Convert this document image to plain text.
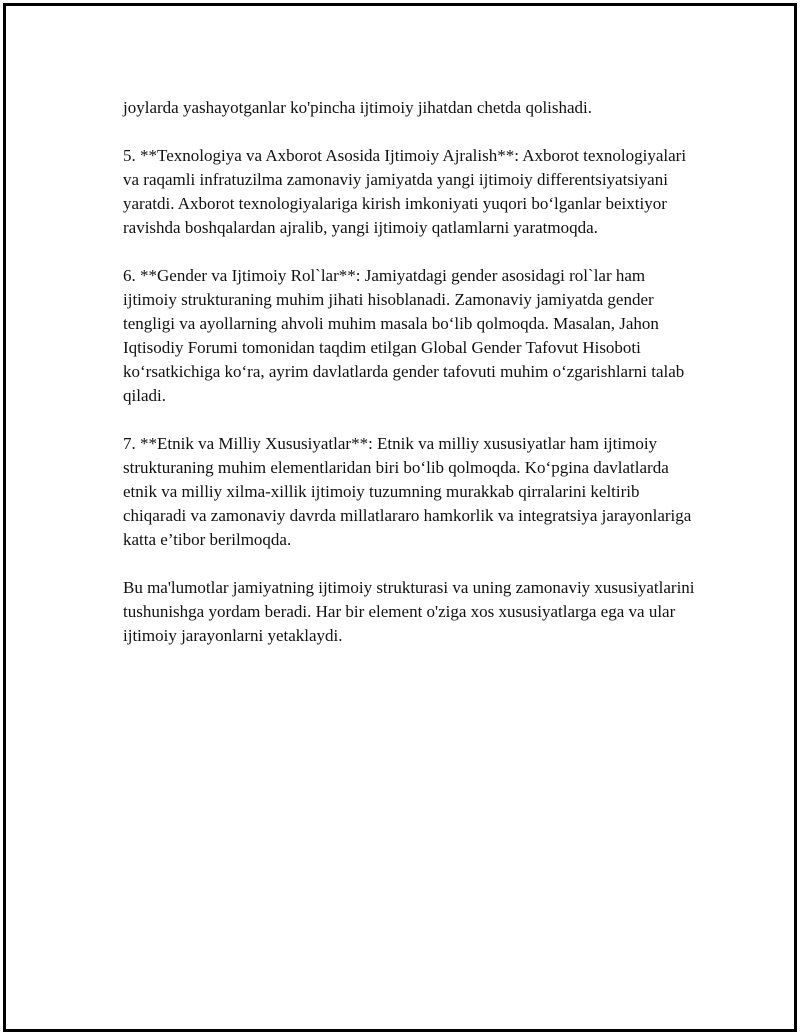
joylarda yashayotganlar ko'pincha ijtimoiy jihatdan chetda qolishadi.

5. **Texnologiya va Axborot Asosida Ijtimoiy Ajralish**: Axborot texnologiyalari va raqamli infratuzilma zamonaviy jamiyatda yangi ijtimoiy differentsiyatsiyani yaratdi. Axborot texnologiyalariga kirish imkoniyati yuqori bo‘lganlar beixtiyor ravishda boshqalardan ajralib, yangi ijtimoiy qatlamlarni yaratmoqda.

6. **Gender va Ijtimoiy Rol`lar**: Jamiyatdagi gender asosidagi rol`lar ham ijtimoiy strukturaning muhim jihati hisoblanadi. Zamonaviy jamiyatda gender tengligi va ayollarning ahvoli muhim masala bo‘lib qolmoqda. Masalan, Jahon Iqtisodiy Forumi tomonidan taqdim etilgan Global Gender Tafovut Hisoboti ko‘rsatkichiga ko‘ra, ayrim davlatlarda gender tafovuti muhim o‘zgarishlarni talab qiladi.

7. **Etnik va Milliy Xususiyatlar**: Etnik va milliy xususiyatlar ham ijtimoiy strukturaning muhim elementlaridan biri bo‘lib qolmoqda. Ko‘pgina davlatlarda etnik va milliy xilma-xillik ijtimoiy tuzumning murakkab qirralarini keltirib chiqaradi va zamonaviy davrda millatlararo hamkorlik va integratsiya jarayonlariga katta e’tibor berilmoqda.

Bu ma'lumotlar jamiyatning ijtimoiy strukturasi va uning zamonaviy xususiyatlarini tushunishga yordam beradi. Har bir element o'ziga xos xususiyatlarga ega va ular ijtimoiy jarayonlarni yetaklaydi.
